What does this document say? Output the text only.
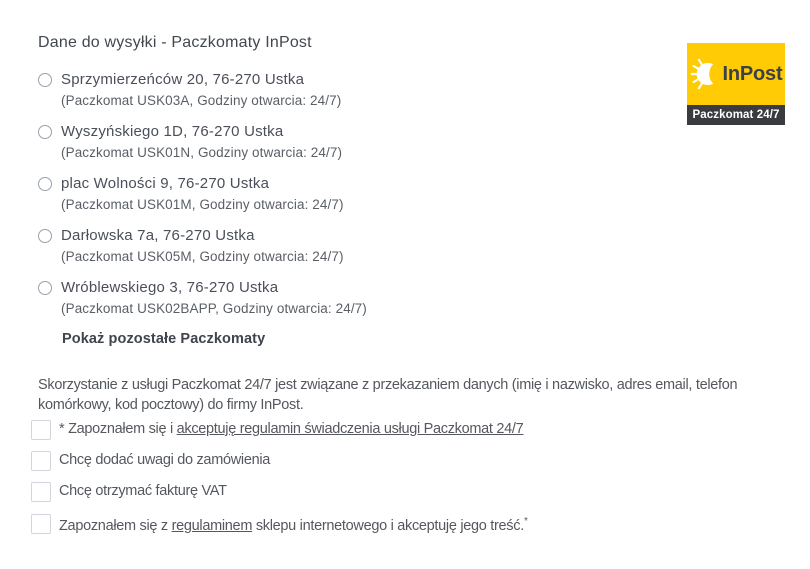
Dane do wysyłki - Paczkomaty InPost
Sprzymierzeńców 20, 76-270 Ustka
(Paczkomat USK03A, Godziny otwarcia: 24/7)
Wyszyńskiego 1D, 76-270 Ustka
(Paczkomat USK01N, Godziny otwarcia: 24/7)
plac Wolności 9, 76-270 Ustka
(Paczkomat USK01M, Godziny otwarcia: 24/7)
Darłowska 7a, 76-270 Ustka
(Paczkomat USK05M, Godziny otwarcia: 24/7)
Wróblewskiego 3, 76-270 Ustka
(Paczkomat USK02BAPP, Godziny otwarcia: 24/7)
Pokaż pozostałe Paczkomaty
Skorzystanie z usługi Paczkomat 24/7 jest związane z przekazaniem danych (imię i nazwisko, adres email, telefon
komórkowy, kod pocztowy) do firmy InPost.
* Zapoznałem się i akceptuję regulamin świadczenia usługi Paczkomat 24/7
Chcę dodać uwagi do zamówienia
Chcę otrzymać fakturę VAT
Zapoznałem się z regulaminem sklepu internetowego i akceptuję jego treść.*
InPost
Paczkomat 24/7
